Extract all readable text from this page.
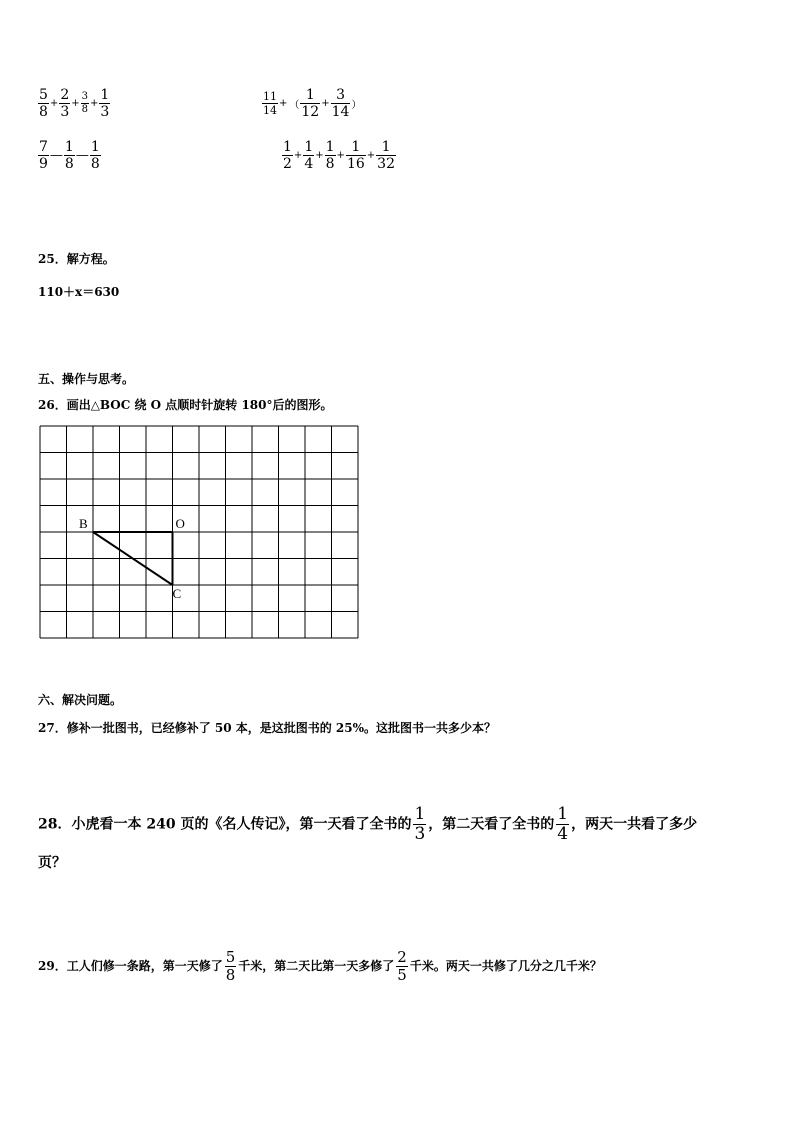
$\frac{5}{8} + \frac{2}{3} + \frac{3}{8} + \frac{1}{3}$	$\frac{11}{14}$ + （ $\frac{1}{12} + \frac{3}{14}$ ）
$\frac{7}{9}$ — $\frac{1}{8}$ — $\frac{1}{8}$	$\frac{1}{2} + \frac{1}{4} + \frac{1}{8} + \frac{1}{16} + \frac{1}{32}$
25．解方程。
110＋x＝630
五、操作与思考。
26．画出△BOC 绕 O 点顺时针旋转 180°后的图形。
B	O
C
六、解决问题。
27．修补一批图书，已经修补了 50 本，是这批图书的 25%。这批图书一共多少本？
28．小虎看一本 240 页的《名人传记》，第一天看了全书的 $\frac{1}{3}$ ，第二天看了全书的 $\frac{1}{4}$ ，两天一共看了多少
页？
29．工人们修一条路，第一天修了 $\frac{5}{8}$ 千米，第二天比第一天多修了 $\frac{2}{5}$ 千米。两天一共修了几分之几千米？
